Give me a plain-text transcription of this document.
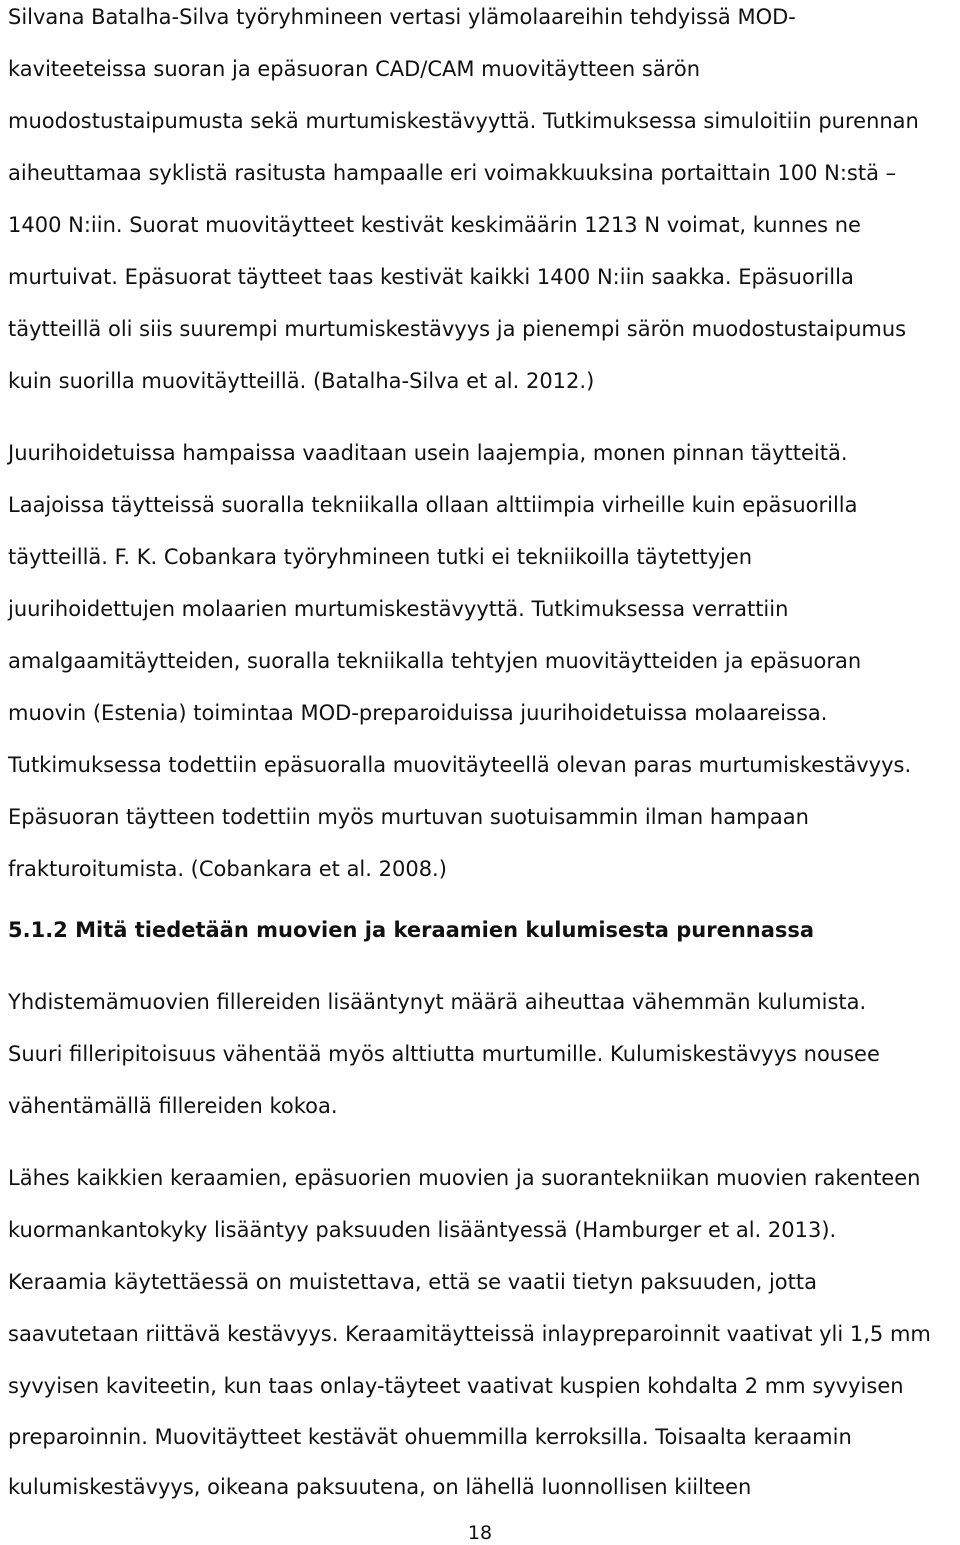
Silvana Batalha-Silva työryhmineen vertasi ylämolaareihin tehdyissä MOD-
kaviteeteissa suoran ja epäsuoran CAD/CAM muovitäytteen särön
muodostustaipumusta sekä murtumiskestävyyttä. Tutkimuksessa simuloitiin purennan
aiheuttamaa syklistä rasitusta hampaalle eri voimakkuuksina portaittain 100 N:stä –
1400 N:iin. Suorat muovitäytteet kestivät keskimäärin 1213 N voimat, kunnes ne
murtuivat. Epäsuorat täytteet taas kestivät kaikki 1400 N:iin saakka. Epäsuorilla
täytteillä oli siis suurempi murtumiskestävyys ja pienempi särön muodostustaipumus
kuin suorilla muovitäytteillä. (Batalha-Silva et al. 2012.)
Juurihoidetuissa hampaissa vaaditaan usein laajempia, monen pinnan täytteitä.
Laajoissa täytteissä suoralla tekniikalla ollaan alttiimpia virheille kuin epäsuorilla
täytteillä. F. K. Cobankara työryhmineen tutki ei tekniikoilla täytettyjen
juurihoidettujen molaarien murtumiskestävyyttä. Tutkimuksessa verrattiin
amalgaamitäytteiden, suoralla tekniikalla tehtyjen muovitäytteiden ja epäsuoran
muovin (Estenia) toimintaa MOD-preparoiduissa juurihoidetuissa molaareissa.
Tutkimuksessa todettiin epäsuoralla muovitäyteellä olevan paras murtumiskestävyys.
Epäsuoran täytteen todettiin myös murtuvan suotuisammin ilman hampaan
frakturoitumista. (Cobankara et al. 2008.)
5.1.2 Mitä tiedetään muovien ja keraamien kulumisesta purennassa
Yhdistemämuovien fillereiden lisääntynyt määrä aiheuttaa vähemmän kulumista.
Suuri filleripitoisuus vähentää myös alttiutta murtumille. Kulumiskestävyys nousee
vähentämällä fillereiden kokoa.
Lähes kaikkien keraamien, epäsuorien muovien ja suorantekniikan muovien rakenteen
kuormankantokyky lisääntyy paksuuden lisääntyessä (Hamburger et al. 2013).
Keraamia käytettäessä on muistettava, että se vaatii tietyn paksuuden, jotta
saavutetaan riittävä kestävyys. Keraamitäytteissä inlaypreparoinnit vaativat yli 1,5 mm
syvyisen kaviteetin, kun taas onlay-täyteet vaativat kuspien kohdalta 2 mm syvyisen
preparoinnin. Muovitäytteet kestävät ohuemmilla kerroksilla. Toisaalta keraamin
kulumiskestävyys, oikeana paksuutena, on lähellä luonnollisen kiilteen
18
